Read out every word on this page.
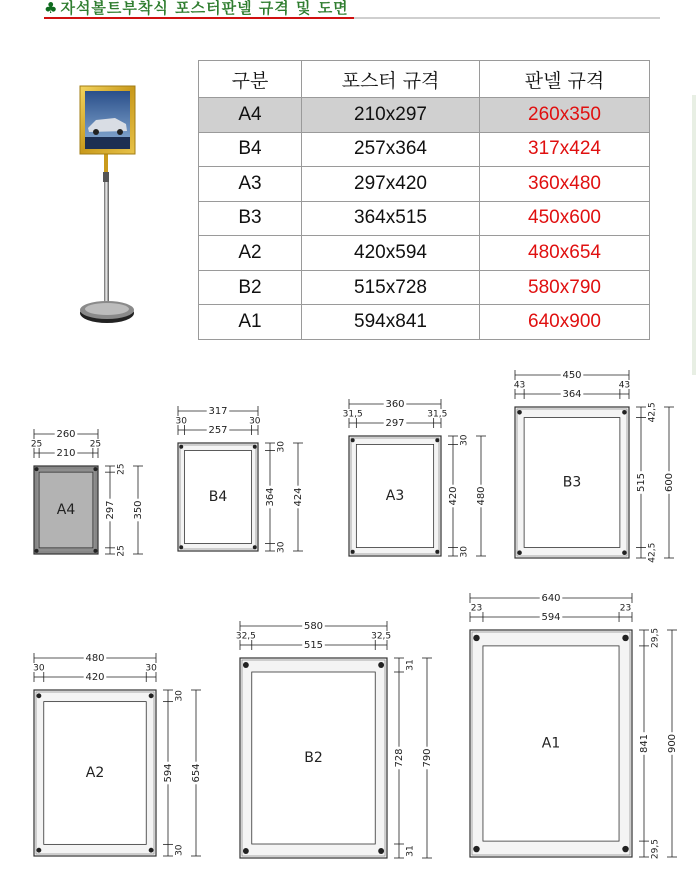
♣ 자석볼트부착식 포스터판넬 규격 및 도면
구분	포스터 규격	판넬 규격
A4	210x297	260x350
B4	257x364	317x424
A3	297x420	360x480
B3	364x515	450x600
A2	420x594	480x654
B2	515x728	580x790
A1	594x841	640x900
A4
260
210
25	25
297
25
25
350
B4
317
257
30	30
364
30
30
424	A3
360
297
31,5	31,5
420
30
30
480
B3
450
364
43	43
515
42,5
42,5
600
A2
480
420
30	30
594
30
30
654
B2
580
515
32,5	32,5
728
31
31
790
A1
640
594
23	23
841
29,5
29,5
900
